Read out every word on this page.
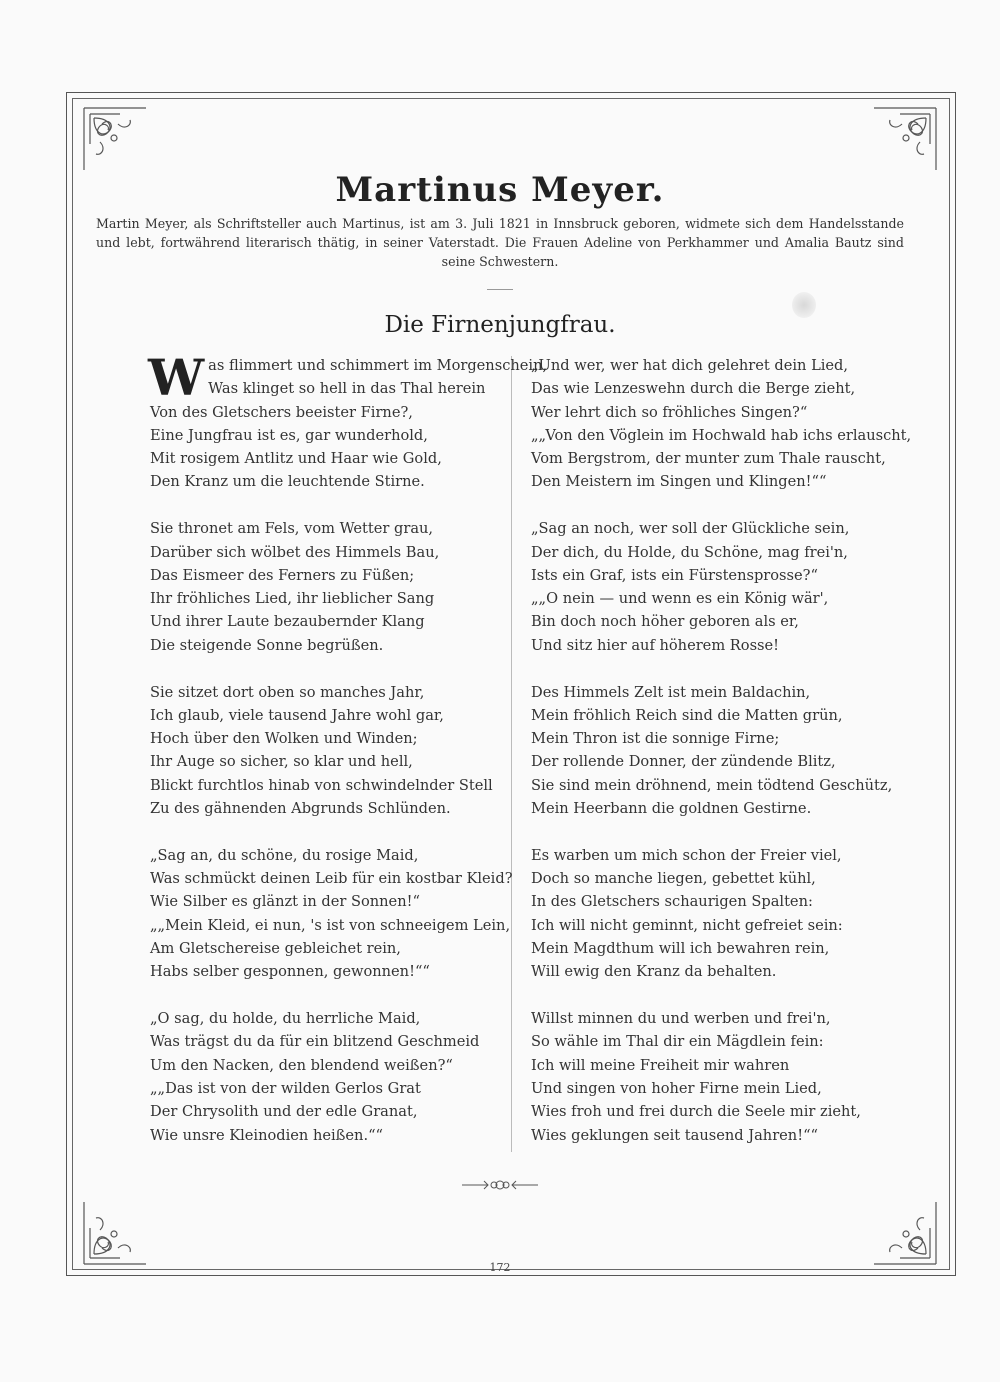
Martinus Meyer.
Martin Meyer, als Schriftsteller auch Martinus, ist am 3. Juli 1821 in Innsbruck geboren, widmete sich dem Handelsstande und lebt, fortwährend literarisch thätig, in seiner Vaterstadt. Die Frauen Adeline von Perkhammer und Amalia Bautz sind seine Schwestern.
Die Firnenjungfrau.
W as flimmert und schimmert im Morgenschein,
Was klinget so hell in das Thal herein
Von des Gletschers beeister Firne?,
Eine Jungfrau ist es, gar wunderhold,
Mit rosigem Antlitz und Haar wie Gold,
Den Kranz um die leuchtende Stirne.
Sie thronet am Fels, vom Wetter grau,
Darüber sich wölbet des Himmels Bau,
Das Eismeer des Ferners zu Füßen;
Ihr fröhliches Lied, ihr lieblicher Sang
Und ihrer Laute bezaubernder Klang
Die steigende Sonne begrüßen.
Sie sitzet dort oben so manches Jahr,
Ich glaub, viele tausend Jahre wohl gar,
Hoch über den Wolken und Winden;
Ihr Auge so sicher, so klar und hell,
Blickt furchtlos hinab von schwindelnder Stell
Zu des gähnenden Abgrunds Schlünden.
„Sag an, du schöne, du rosige Maid,
Was schmückt deinen Leib für ein kostbar Kleid?
Wie Silber es glänzt in der Sonnen!“
„„Mein Kleid, ei nun, 's ist von schneeigem Lein,
Am Gletschereise gebleichet rein,
Habs selber gesponnen, gewonnen!““
„O sag, du holde, du herrliche Maid,
Was trägst du da für ein blitzend Geschmeid
Um den Nacken, den blendend weißen?“
„„Das ist von der wilden Gerlos Grat
Der Chrysolith und der edle Granat,
Wie unsre Kleinodien heißen.““
„Und wer, wer hat dich gelehret dein Lied,
Das wie Lenzeswehn durch die Berge zieht,
Wer lehrt dich so fröhliches Singen?“
„„Von den Vöglein im Hochwald hab ichs erlauscht,
Vom Bergstrom, der munter zum Thale rauscht,
Den Meistern im Singen und Klingen!““
„Sag an noch, wer soll der Glückliche sein,
Der dich, du Holde, du Schöne, mag frei'n,
Ists ein Graf, ists ein Fürstensprosse?“
„„O nein — und wenn es ein König wär',
Bin doch noch höher geboren als er,
Und sitz hier auf höherem Rosse!
Des Himmels Zelt ist mein Baldachin,
Mein fröhlich Reich sind die Matten grün,
Mein Thron ist die sonnige Firne;
Der rollende Donner, der zündende Blitz,
Sie sind mein dröhnend, mein tödtend Geschütz,
Mein Heerbann die goldnen Gestirne.
Es warben um mich schon der Freier viel,
Doch so manche liegen, gebettet kühl,
In des Gletschers schaurigen Spalten:
Ich will nicht geminnt, nicht gefreiet sein:
Mein Magdthum will ich bewahren rein,
Will ewig den Kranz da behalten.
Willst minnen du und werben und frei'n,
So wähle im Thal dir ein Mägdlein fein:
Ich will meine Freiheit mir wahren
Und singen von hoher Firne mein Lied,
Wies froh und frei durch die Seele mir zieht,
Wies geklungen seit tausend Jahren!““
172
